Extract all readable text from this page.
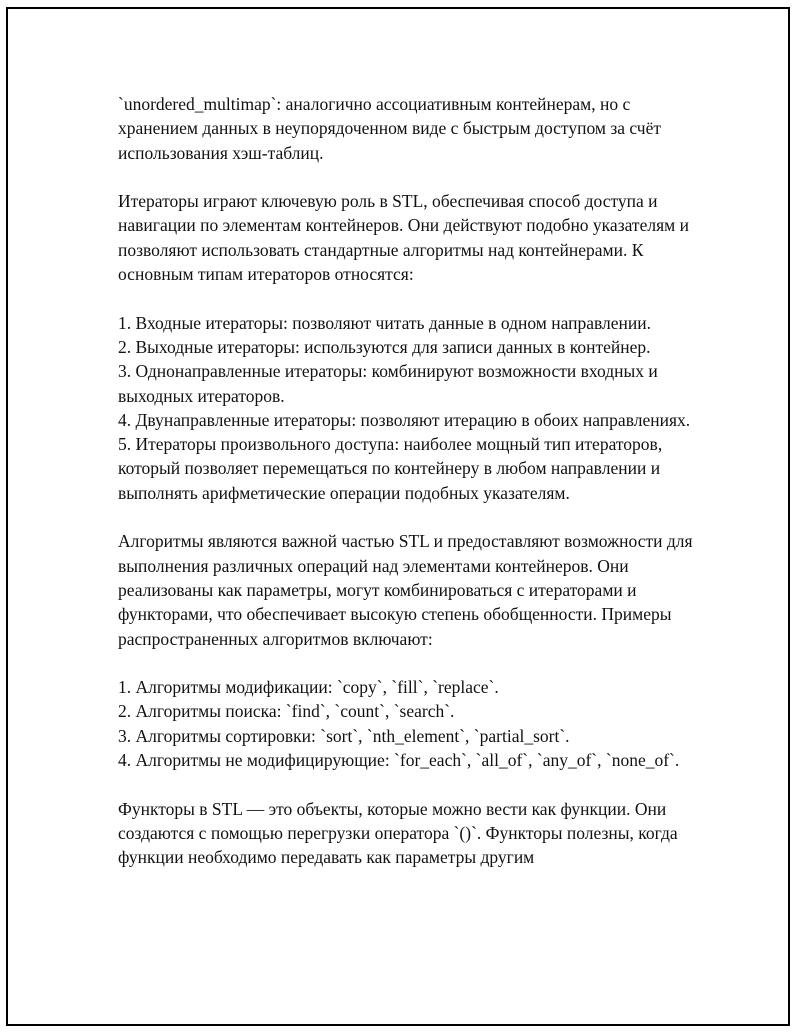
`unordered_multimap`: аналогично ассоциативным контейнерам, но с хранением данных в неупорядоченном виде с быстрым доступом за счёт использования хэш-таблиц.

Итераторы играют ключевую роль в STL, обеспечивая способ доступа и навигации по элементам контейнеров. Они действуют подобно указателям и позволяют использовать стандартные алгоритмы над контейнерами. К основным типам итераторов относятся:

1. Входные итераторы: позволяют читать данные в одном направлении.
2. Выходные итераторы: используются для записи данных в контейнер.
3. Однонаправленные итераторы: комбинируют возможности входных и выходных итераторов.
4. Двунаправленные итераторы: позволяют итерацию в обоих направлениях.
5. Итераторы произвольного доступа: наиболее мощный тип итераторов, который позволяет перемещаться по контейнеру в любом направлении и выполнять арифметические операции подобных указателям.

Алгоритмы являются важной частью STL и предоставляют возможности для выполнения различных операций над элементами контейнеров. Они реализованы как параметры, могут комбинироваться с итераторами и функторами, что обеспечивает высокую степень обобщенности. Примеры распространенных алгоритмов включают:

1. Алгоритмы модификации: `copy`, `fill`, `replace`.
2. Алгоритмы поиска: `find`, `count`, `search`.
3. Алгоритмы сортировки: `sort`, `nth_element`, `partial_sort`.
4. Алгоритмы не модифицирующие: `for_each`, `all_of`, `any_of`, `none_of`.

Функторы в STL — это объекты, которые можно вести как функции. Они создаются с помощью перегрузки оператора `()`. Функторы полезны, когда функции необходимо передавать как параметры другим
